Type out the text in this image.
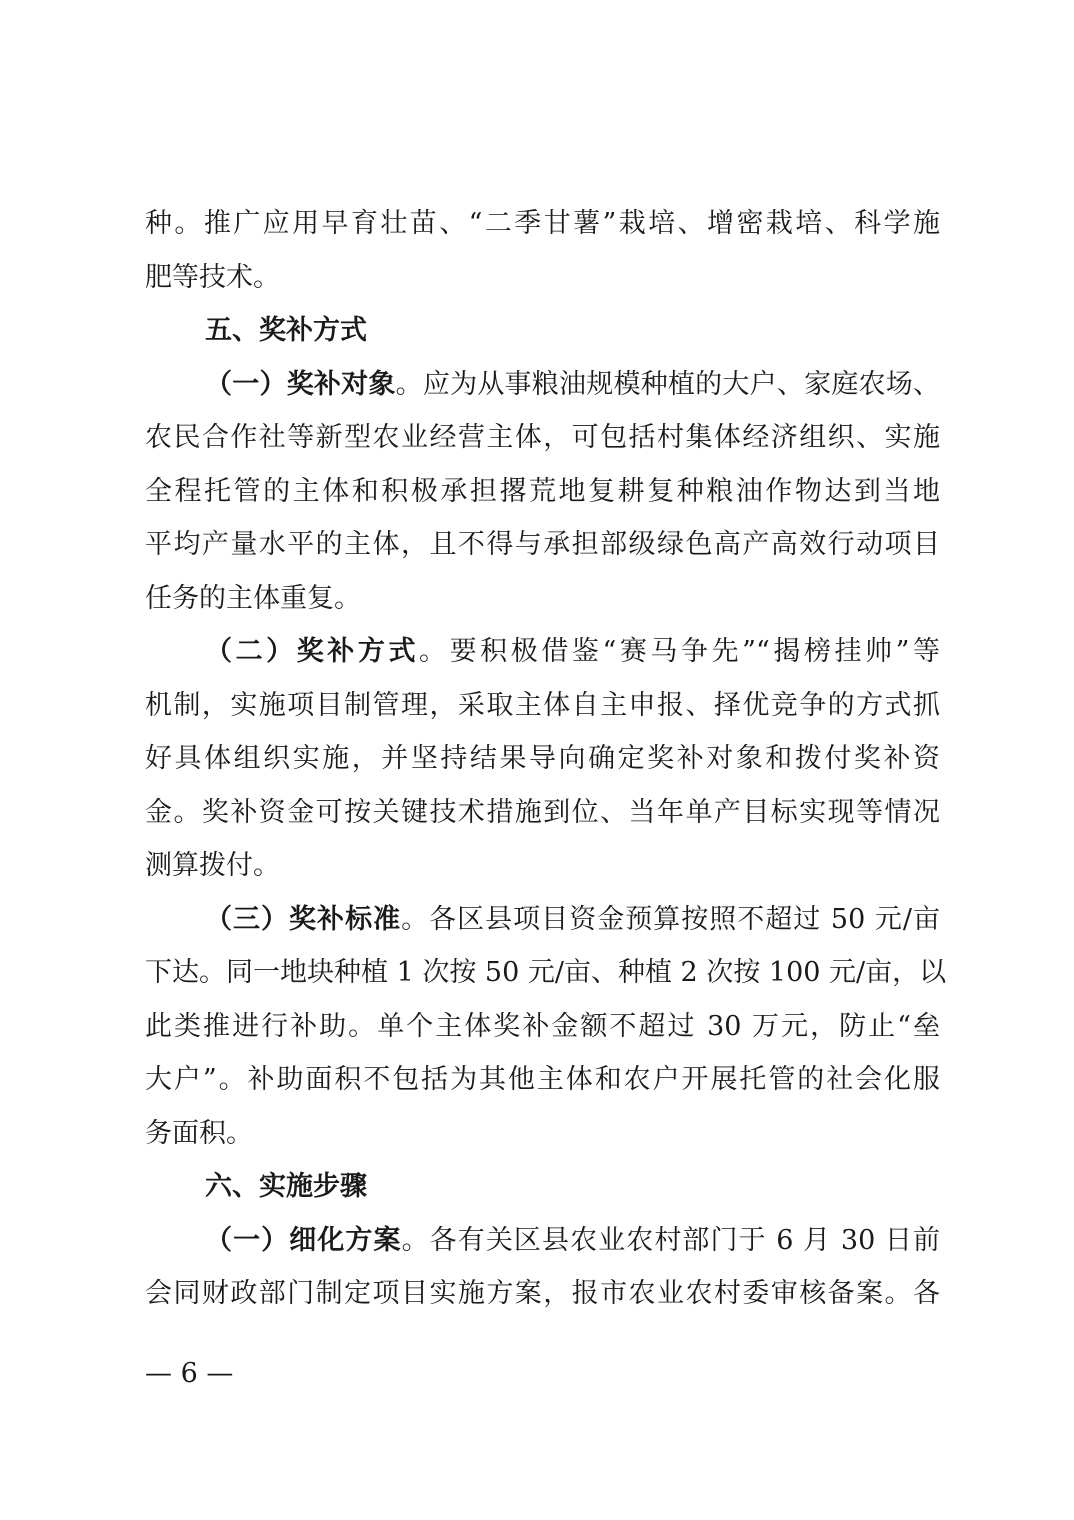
种。推广应用早育壮苗、“二季甘薯”栽培、增密栽培、科学施
肥等技术。
五、奖补方式
（一）奖补对象。应为从事粮油规模种植的大户、家庭农场、
农民合作社等新型农业经营主体，可包括村集体经济组织、实施
全程托管的主体和积极承担撂荒地复耕复种粮油作物达到当地
平均产量水平的主体，且不得与承担部级绿色高产高效行动项目
任务的主体重复。
（二）奖补方式。要积极借鉴“赛马争先”“揭榜挂帅”等
机制，实施项目制管理，采取主体自主申报、择优竞争的方式抓
好具体组织实施，并坚持结果导向确定奖补对象和拨付奖补资
金。奖补资金可按关键技术措施到位、当年单产目标实现等情况
测算拨付。
（三）奖补标准。各区县项目资金预算按照不超过 50 元/亩
下达。同一地块种植 1 次按 50 元/亩、种植 2 次按 100 元/亩，以
此类推进行补助。单个主体奖补金额不超过 30 万元，防止“垒
大户”。补助面积不包括为其他主体和农户开展托管的社会化服
务面积。
六、实施步骤
（一）细化方案。各有关区县农业农村部门于 6 月 30 日前
会同财政部门制定项目实施方案，报市农业农村委审核备案。各
— 6 —
